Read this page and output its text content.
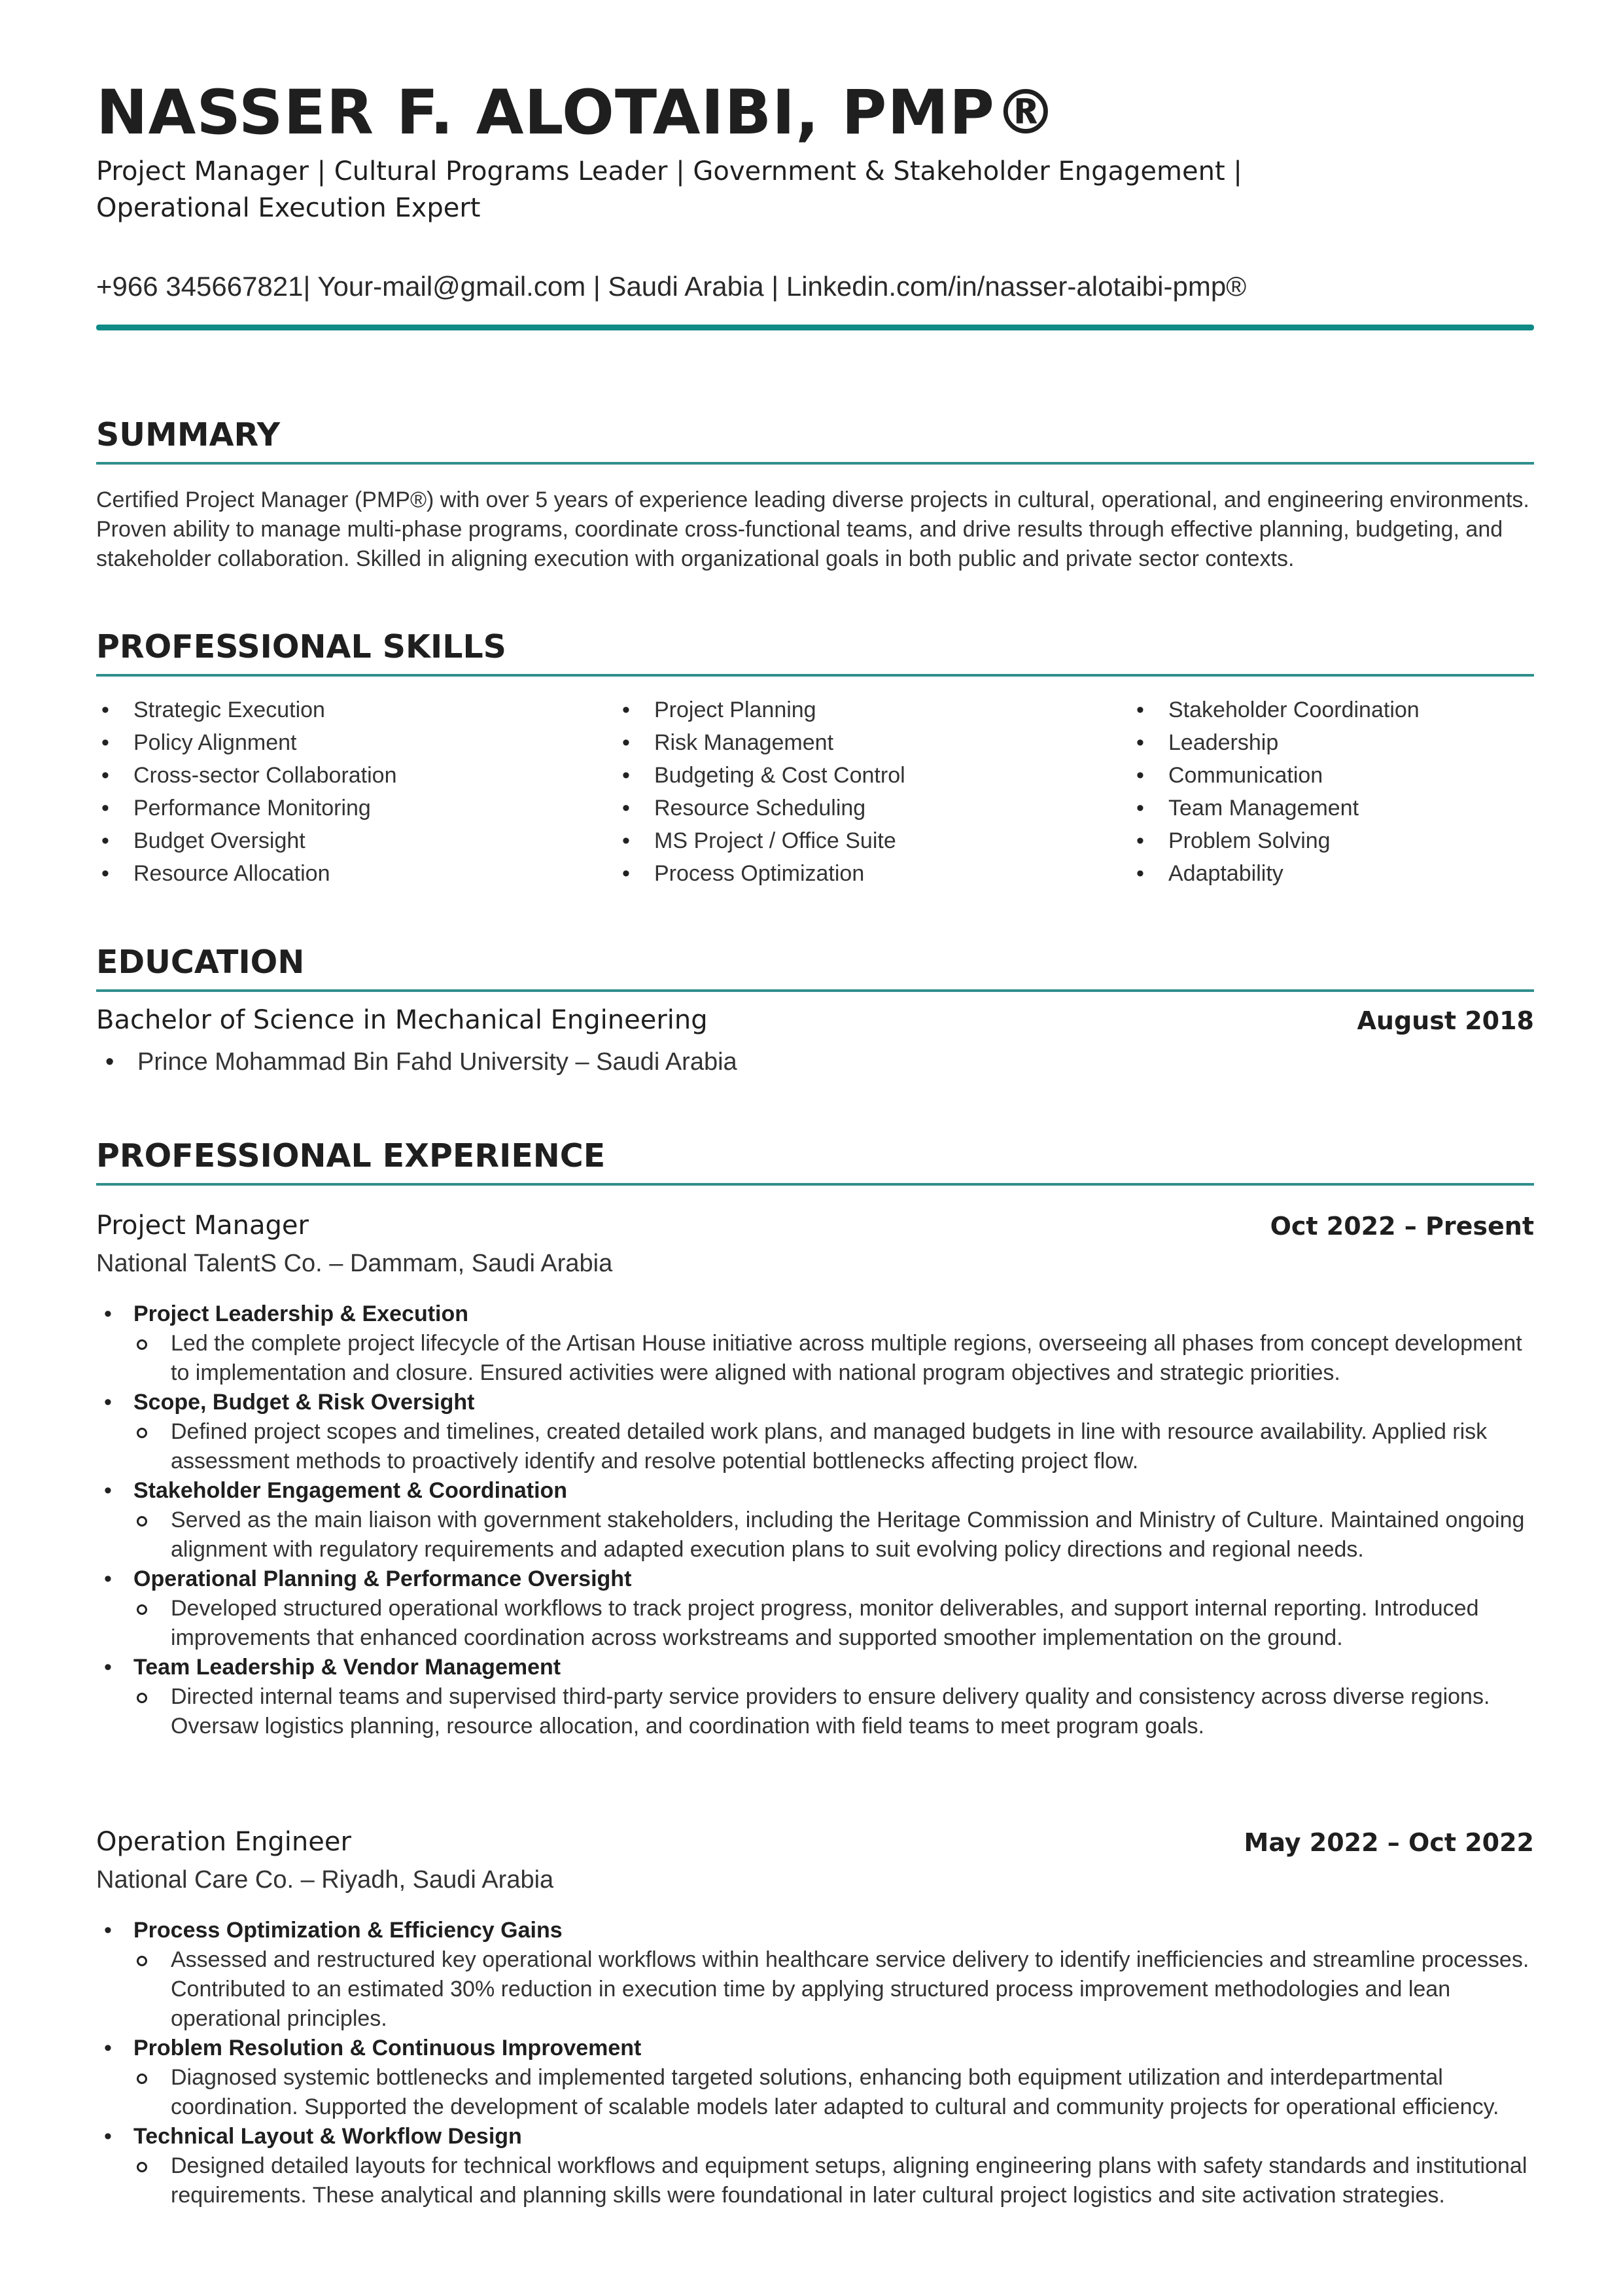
NASSER F. ALOTAIBI, PMP®

Project Manager | Cultural Programs Leader | Government & Stakeholder Engagement | Operational Execution Expert

+966 345667821| Your-mail@gmail.com | Saudi Arabia | Linkedin.com/in/nasser-alotaibi-pmp®

SUMMARY

Certified Project Manager (PMP®) with over 5 years of experience leading diverse projects in cultural, operational, and engineering environments. Proven ability to manage multi-phase programs, coordinate cross-functional teams, and drive results through effective planning, budgeting, and stakeholder collaboration. Skilled in aligning execution with organizational goals in both public and private sector contexts.

PROFESSIONAL SKILLS
• Strategic Execution
• Policy Alignment
• Cross-sector Collaboration
• Performance Monitoring
• Budget Oversight
• Resource Allocation
• Project Planning
• Risk Management
• Budgeting & Cost Control
• Resource Scheduling
• MS Project / Office Suite
• Process Optimization
• Stakeholder Coordination
• Leadership
• Communication
• Team Management
• Problem Solving
• Adaptability
EDUCATION

Bachelor of Science in Mechanical Engineering	August 2018

• Prince Mohammad Bin Fahd University – Saudi Arabia

PROFESSIONAL EXPERIENCE

Project Manager	Oct 2022 – Present

National TalentS Co. – Dammam, Saudi Arabia

• Project Leadership & Execution
Led the complete project lifecycle of the Artisan House initiative across multiple regions, overseeing all phases from concept development to implementation and closure. Ensured activities were aligned with national program objectives and strategic priorities.
• Scope, Budget & Risk Oversight
Defined project scopes and timelines, created detailed work plans, and managed budgets in line with resource availability. Applied risk assessment methods to proactively identify and resolve potential bottlenecks affecting project flow.
• Stakeholder Engagement & Coordination
Served as the main liaison with government stakeholders, including the Heritage Commission and Ministry of Culture. Maintained ongoing alignment with regulatory requirements and adapted execution plans to suit evolving policy directions and regional needs.
• Operational Planning & Performance Oversight
Developed structured operational workflows to track project progress, monitor deliverables, and support internal reporting. Introduced improvements that enhanced coordination across workstreams and supported smoother implementation on the ground.
• Team Leadership & Vendor Management
Directed internal teams and supervised third-party service providers to ensure delivery quality and consistency across diverse regions. Oversaw logistics planning, resource allocation, and coordination with field teams to meet program goals.

Operation Engineer	May 2022 – Oct 2022

National Care Co. – Riyadh, Saudi Arabia

• Process Optimization & Efficiency Gains
Assessed and restructured key operational workflows within healthcare service delivery to identify inefficiencies and streamline processes. Contributed to an estimated 30% reduction in execution time by applying structured process improvement methodologies and lean operational principles.
• Problem Resolution & Continuous Improvement
Diagnosed systemic bottlenecks and implemented targeted solutions, enhancing both equipment utilization and interdepartmental coordination. Supported the development of scalable models later adapted to cultural and community projects for operational efficiency.
• Technical Layout & Workflow Design
Designed detailed layouts for technical workflows and equipment setups, aligning engineering plans with safety standards and institutional requirements. These analytical and planning skills were foundational in later cultural project logistics and site activation strategies.
